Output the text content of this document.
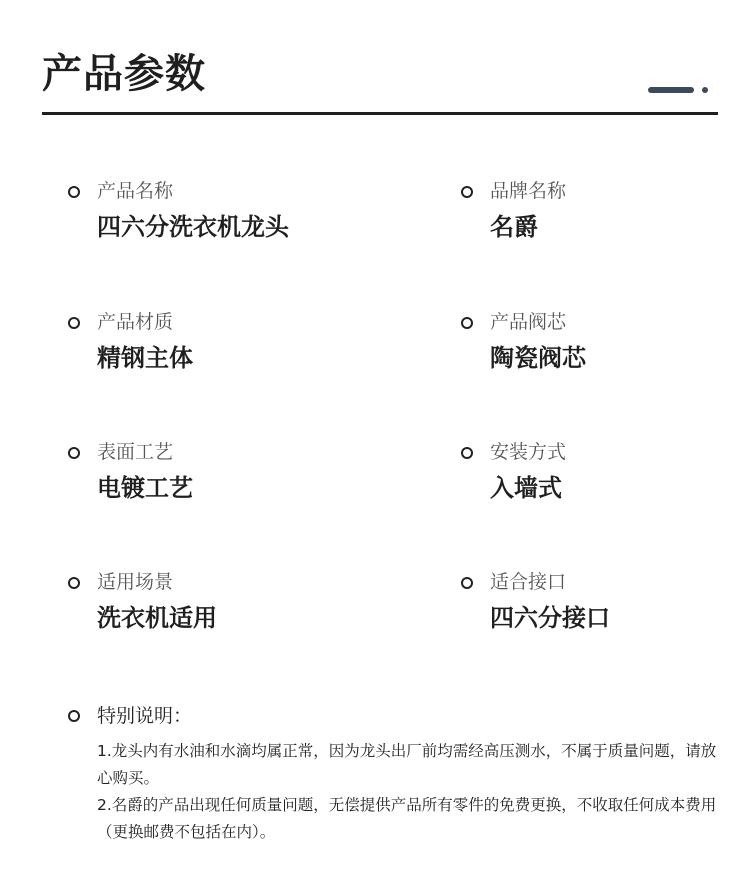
产品参数
产品名称
四六分洗衣机龙头
品牌名称
名爵
产品材质
精钢主体
产品阀芯
陶瓷阀芯
表面工艺
电镀工艺
安装方式
入墙式
适用场景
洗衣机适用
适合接口
四六分接口
特别说明：

1.龙头内有水油和水滴均属正常，因为龙头出厂前均需经高压测水，不属于质量问题，请放心购买。

2.名爵的产品出现任何质量问题，无偿提供产品所有零件的免费更换，不收取任何成本费用（更换邮费不包括在内）。
